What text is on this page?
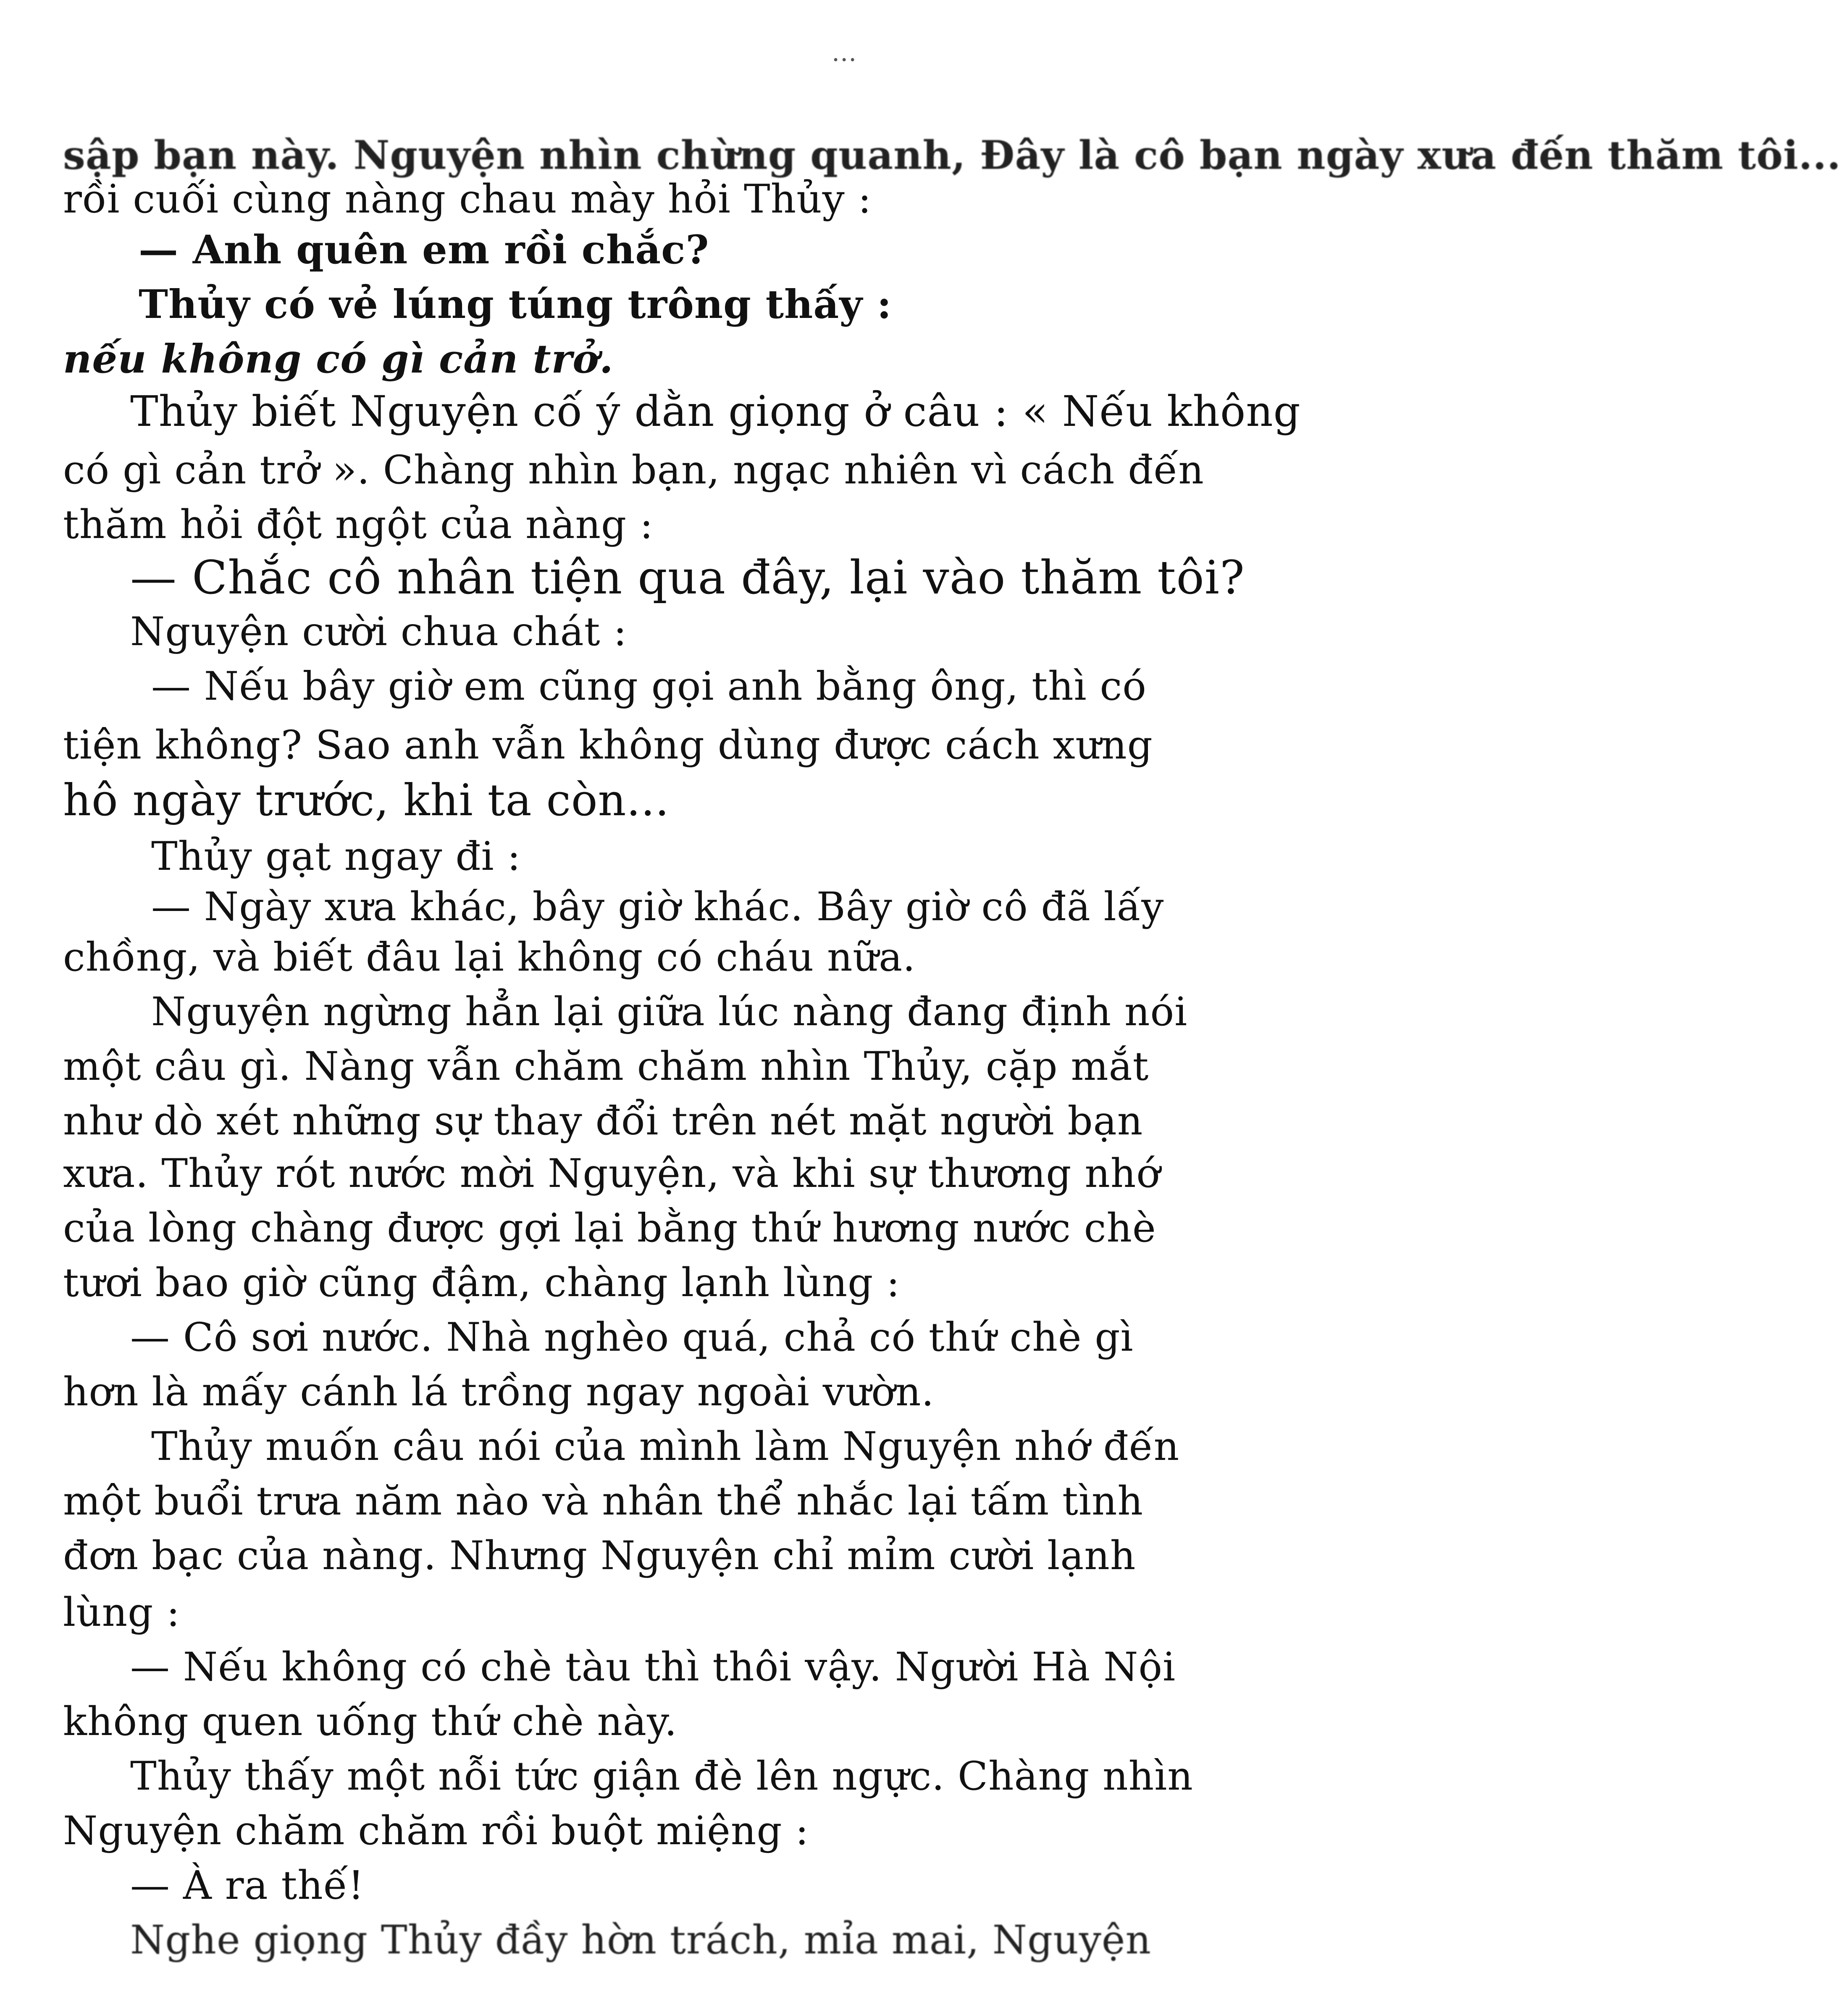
...
sập bạn này. Nguyện nhìn chừng quanh, Đây là cô bạn ngày xưa đến thăm tôi...
rồi cuối cùng nàng chau mày hỏi Thủy :
— Anh quên em rồi chắc?
Thủy có vẻ lúng túng trông thấy :
nếu không có gì cản trở.
Thủy biết Nguyện cố ý dằn giọng ở câu : « Nếu không
có gì cản trở ». Chàng nhìn bạn, ngạc nhiên vì cách đến
thăm hỏi đột ngột của nàng :
— Chắc cô nhân tiện qua đây, lại vào thăm tôi?
Nguyện cười chua chát :
— Nếu bây giờ em cũng gọi anh bằng ông, thì có
tiện không? Sao anh vẫn không dùng được cách xưng
hô ngày trước, khi ta còn...
Thủy gạt ngay đi :
— Ngày xưa khác, bây giờ khác. Bây giờ cô đã lấy
chồng, và biết đâu lại không có cháu nữa.
Nguyện ngừng hẳn lại giữa lúc nàng đang định nói
một câu gì. Nàng vẫn chăm chăm nhìn Thủy, cặp mắt
như dò xét những sự thay đổi trên nét mặt người bạn
xưa. Thủy rót nước mời Nguyện, và khi sự thương nhớ
của lòng chàng được gợi lại bằng thứ hương nước chè
tươi bao giờ cũng đậm, chàng lạnh lùng :
— Cô sơi nước. Nhà nghèo quá, chả có thứ chè gì
hơn là mấy cánh lá trồng ngay ngoài vườn.
Thủy muốn câu nói của mình làm Nguyện nhớ đến
một buổi trưa năm nào và nhân thể nhắc lại tấm tình
đơn bạc của nàng. Nhưng Nguyện chỉ mỉm cười lạnh
lùng :
— Nếu không có chè tàu thì thôi vậy. Người Hà Nội
không quen uống thứ chè này.
Thủy thấy một nỗi tức giận đè lên ngực. Chàng nhìn
Nguyện chăm chăm rồi buột miệng :
— À ra thế!
Nghe giọng Thủy đầy hờn trách, mỉa mai, Nguyện
